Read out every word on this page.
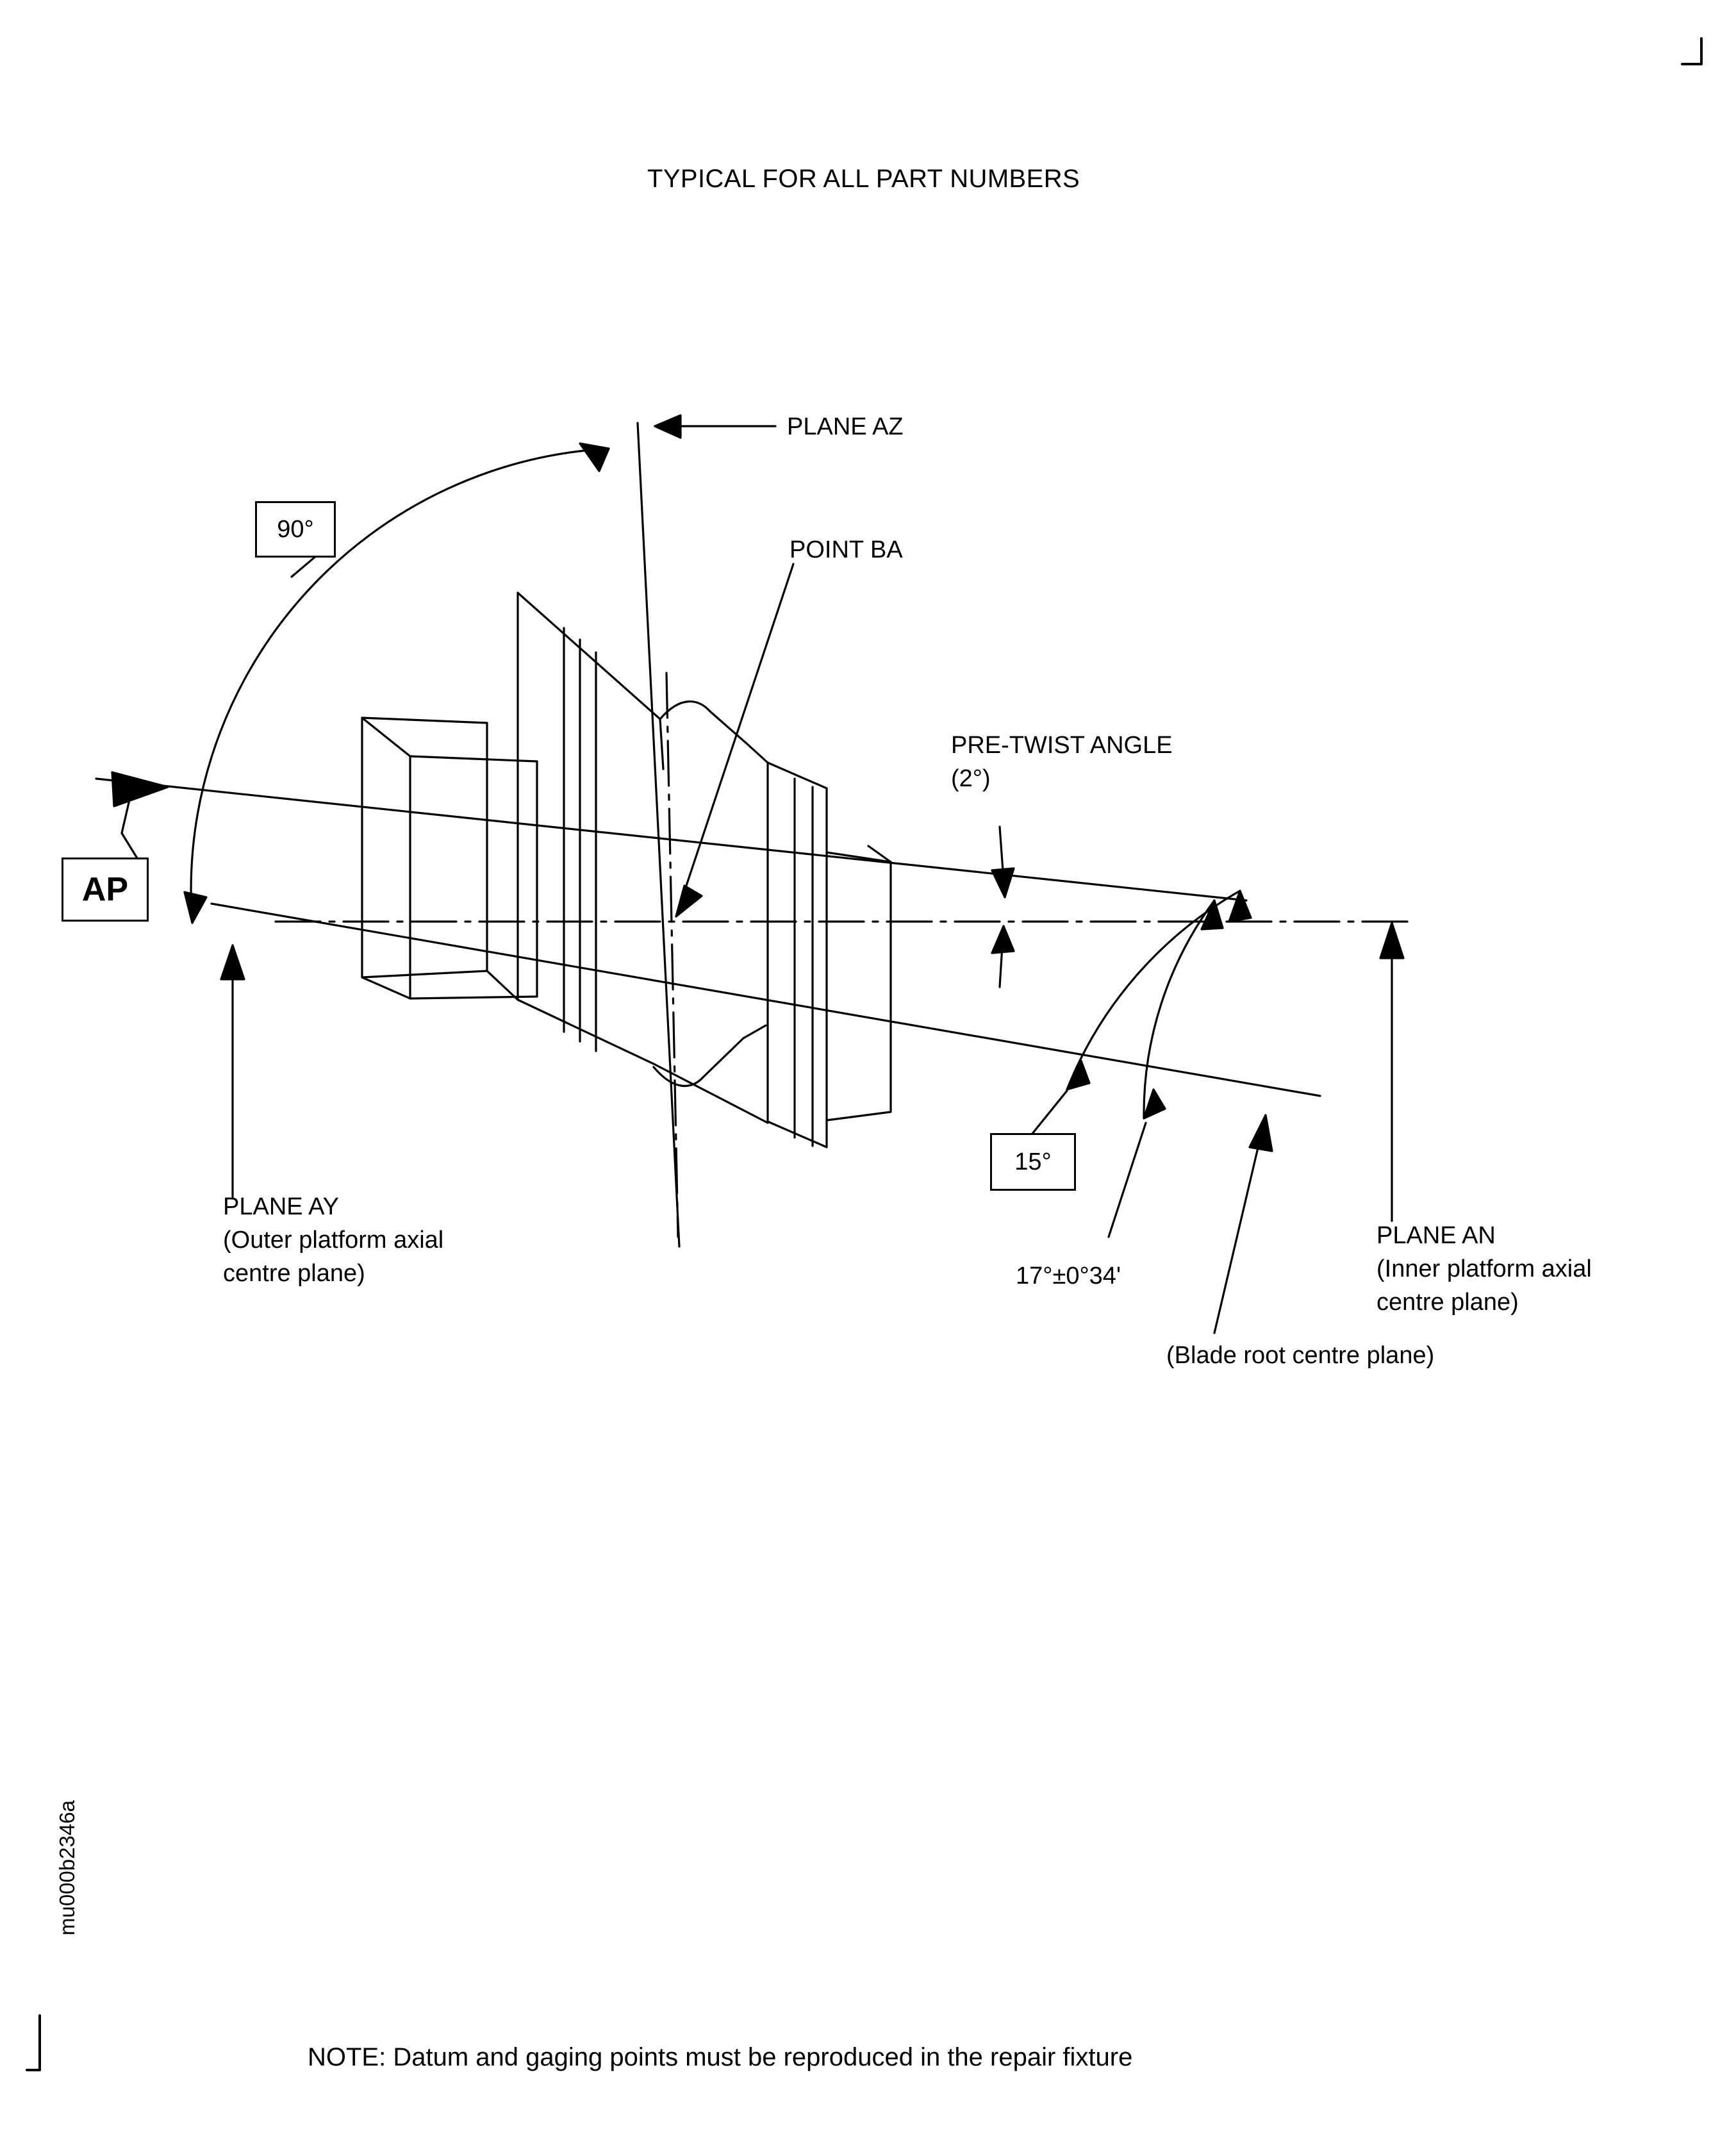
TYPICAL FOR ALL PART NUMBERS
PLANE AZ
POINT BA
PRE-TWIST ANGLE
(2°)
90°
15°
17°±0°34'
AP
PLANE AY
(Outer platform axial
centre plane)
PLANE AN
(Inner platform axial
centre plane)
(Blade root centre plane)
mu000b2346a
NOTE: Datum and gaging points must be reproduced in the repair fixture
